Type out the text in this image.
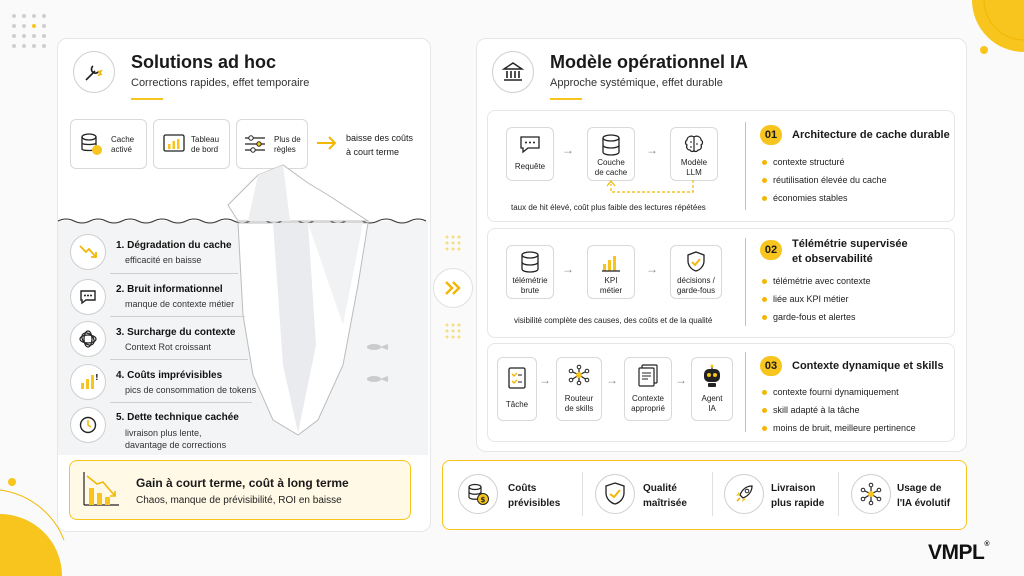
Solutions ad hoc
Corrections rapides, effet temporaire
Cache
activé
Tableau
de bord
Plus de
règles
baisse des coûts
à court terme
1. Dégradation du cache
efficacité en baisse
2. Bruit informationnel
manque de contexte métier
3. Surcharge du contexte
Context Rot croissant
! 4. Coûts imprévisibles
pics de consommation de tokens
5. Dette technique cachée
livraison plus lente,
davantage de corrections
Gain à court terme, coût à long terme
Chaos, manque de prévisibilité, ROI en baisse
Modèle opérationnel IA
Approche systémique, effet durable
Requête
→
Couche
de cache
→
Modèle
LLM
taux de hit élevé, coût plus faible des lectures répétées
01	Architecture de cache durable
contexte structuré
réutilisation élevée du cache
économies stables
télémétrie
brute
→
KPI
métier
→
décisions /
garde-fous
visibilité complète des causes, des coûts et de la qualité
02	Télémétrie supervisée
et observabilité
télémétrie avec contexte
liée aux KPI métier
garde-fous et alertes
Tâche
→
Routeur
de skills
→
Contexte
approprié
→
Agent
IA
03	Contexte dynamique et skills
contexte fourni dynamiquement
skill adapté à la tâche
moins de bruit, meilleure pertinence
$
Coûts
prévisibles
Qualité
maîtrisée
Livraison
plus rapide
Usage de
l'IA évolutif
VMPL®
